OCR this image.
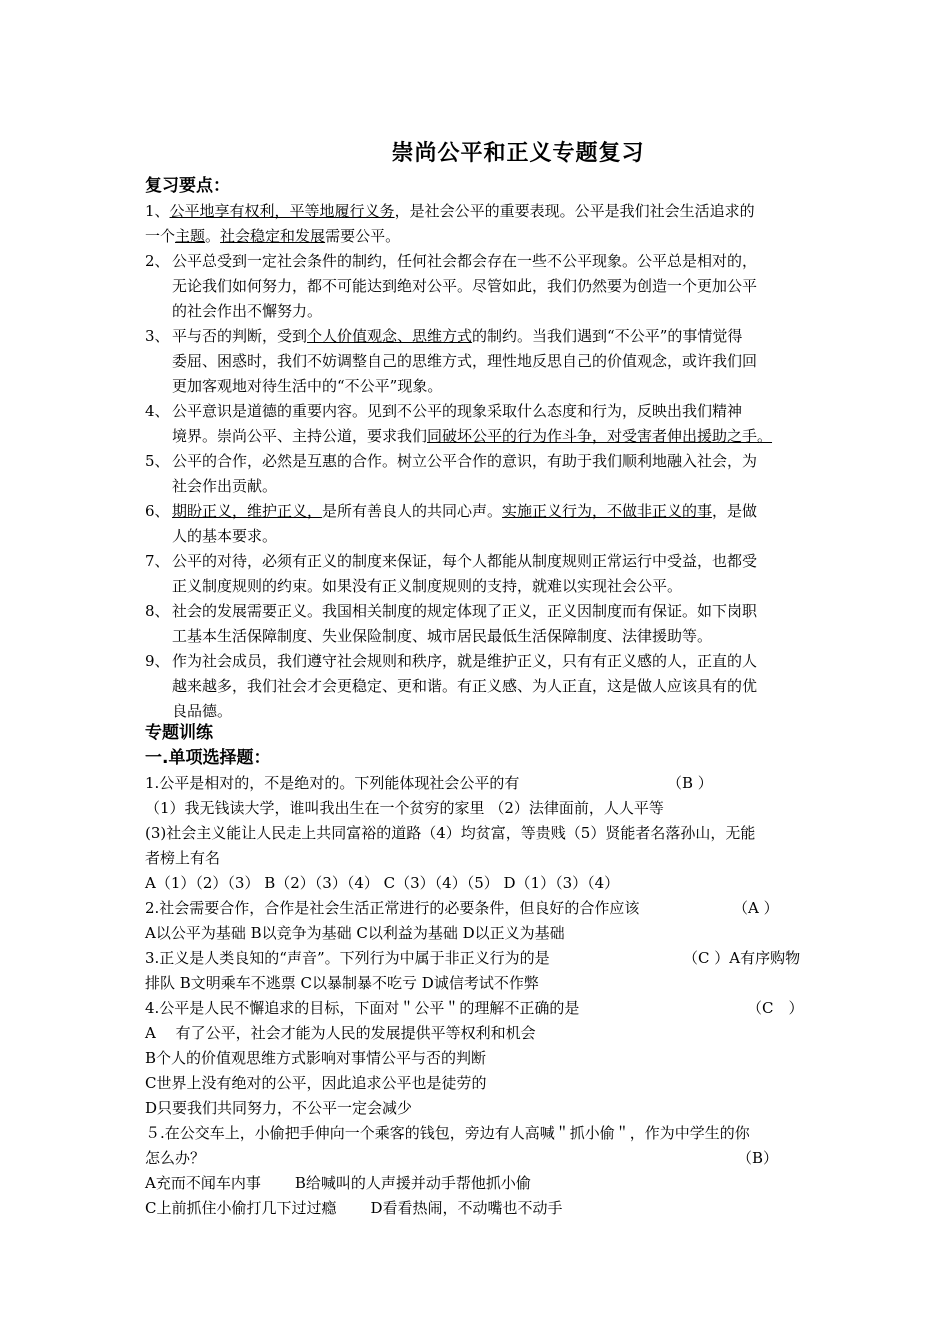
崇尚公平和正义专题复习
复习要点：
1、公平地享有权利，平等地履行义务，是社会公平的重要表现。公平是我们社会生活追求的
一个主题。社会稳定和发展需要公平。
2、 公平总受到一定社会条件的制约，任何社会都会存在一些不公平现象。公平总是相对的，
无论我们如何努力，都不可能达到绝对公平。尽管如此，我们仍然要为创造一个更加公平
的社会作出不懈努力。
3、 平与否的判断，受到个人价值观念、思维方式的制约。当我们遇到“不公平”的事情觉得
委屈、困惑时，我们不妨调整自己的思维方式，理性地反思自己的价值观念，或许我们回
更加客观地对待生活中的“不公平”现象。
4、 公平意识是道德的重要内容。见到不公平的现象采取什么态度和行为，反映出我们精神
境界。崇尚公平、主持公道，要求我们同破坏公平的行为作斗争，对受害者伸出援助之手。
5、 公平的合作，必然是互惠的合作。树立公平合作的意识，有助于我们顺利地融入社会，为
社会作出贡献。
6、 期盼正义，维护正义，是所有善良人的共同心声。实施正义行为，不做非正义的事，是做
人的基本要求。
7、 公平的对待，必须有正义的制度来保证，每个人都能从制度规则正常运行中受益，也都受
正义制度规则的约束。如果没有正义制度规则的支持，就难以实现社会公平。
8、 社会的发展需要正义。我国相关制度的规定体现了正义，正义因制度而有保证。如下岗职
工基本生活保障制度、失业保险制度、城市居民最低生活保障制度、法律援助等。
9、 作为社会成员，我们遵守社会规则和秩序，就是维护正义，只有有正义感的人，正直的人
越来越多，我们社会才会更稳定、更和谐。有正义感、为人正直，这是做人应该具有的优
良品德。
专题训练
一.单项选择题：
1.公平是相对的，不是绝对的。下列能体现社会公平的有	（B ）
（1）我无钱读大学，谁叫我出生在一个贫穷的家里 （2）法律面前，人人平等
(3)社会主义能让人民走上共同富裕的道路（4）均贫富，等贵贱（5）贤能者名落孙山，无能
者榜上有名
A（1）（2）（3） B（2）（3）（4） C（3）（4）（5） D（1）（3）（4）
2.社会需要合作，合作是社会生活正常进行的必要条件，但良好的合作应该	（A ）
A以公平为基础 B以竞争为基础 C以利益为基础 D以正义为基础
3.正义是人类良知的“声音”。下列行为中属于非正义行为的是	（C ）A有序购物
排队 B文明乘车不逃票 C以暴制暴不吃亏 D诚信考试不作弊
4.公平是人民不懈追求的目标，下面对＂公平＂的理解不正确的是	（C　）
A　 有了公平，社会才能为人民的发展提供平等权利和机会
B个人的价值观思维方式影响对事情公平与否的判断
C世界上没有绝对的公平，因此追求公平也是徒劳的
D只要我们共同努力，不公平一定会减少
５.在公交车上，小偷把手伸向一个乘客的钱包，旁边有人高喊＂抓小偷＂，作为中学生的你
怎么办？	（B）
A充而不闻车内事 B给喊叫的人声援并动手帮他抓小偷
C上前抓住小偷打几下过过瘾 D看看热闹，不动嘴也不动手
